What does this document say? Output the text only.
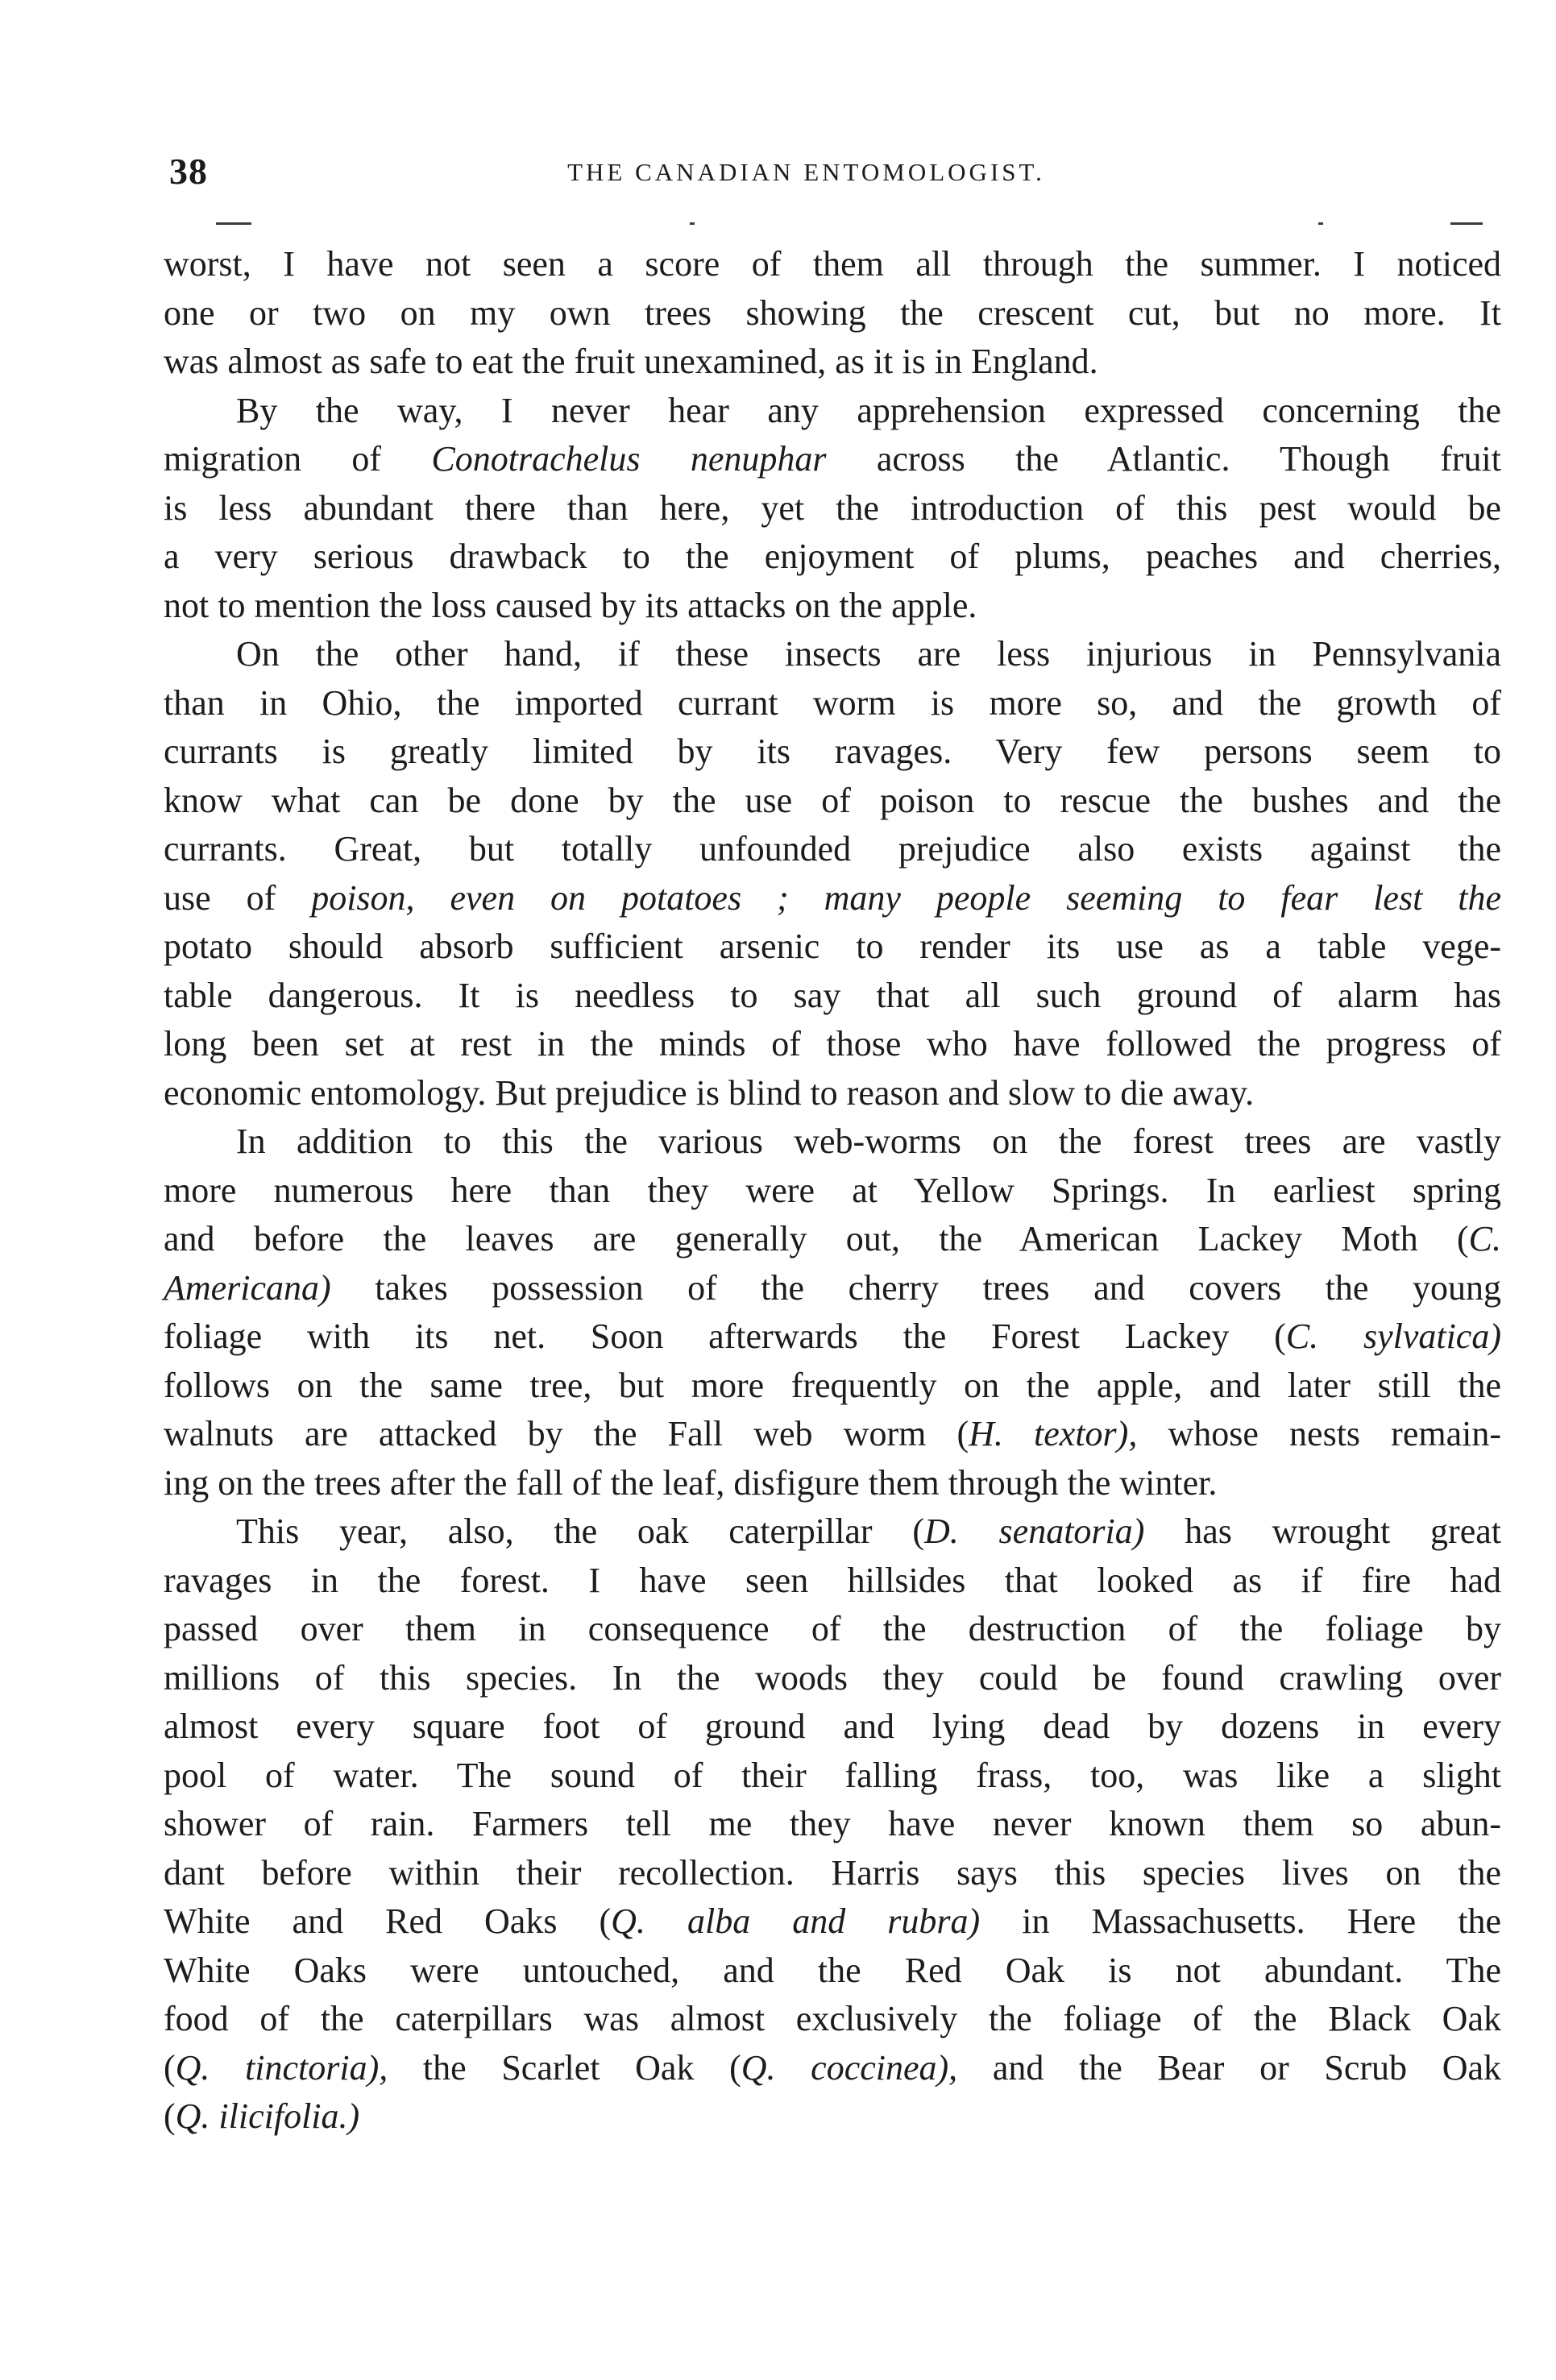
38	THE CANADIAN ENTOMOLOGIST.
worst, I have not seen a score of them all through the summer. I noticed
one or two on my own trees showing the crescent cut, but no more. It
was almost as safe to eat the fruit unexamined, as it is in England.
By the way, I never hear any apprehension expressed concerning the
migration of Conotrachelus nenuphar across the Atlantic. Though fruit
is less abundant there than here, yet the introduction of this pest would be
a very serious drawback to the enjoyment of plums, peaches and cherries,
not to mention the loss caused by its attacks on the apple.
On the other hand, if these insects are less injurious in Pennsylvania
than in Ohio, the imported currant worm is more so, and the growth of
currants is greatly limited by its ravages. Very few persons seem to
know what can be done by the use of poison to rescue the bushes and the
currants. Great, but totally unfounded prejudice also exists against the
use of poison, even on potatoes ; many people seeming to fear lest the
potato should absorb sufficient arsenic to render its use as a table vege-
table dangerous. It is needless to say that all such ground of alarm has
long been set at rest in the minds of those who have followed the progress of
economic entomology. But prejudice is blind to reason and slow to die away.
In addition to this the various web-worms on the forest trees are vastly
more numerous here than they were at Yellow Springs. In earliest spring
and before the leaves are generally out, the American Lackey Moth (C.
Americana) takes possession of the cherry trees and covers the young
foliage with its net. Soon afterwards the Forest Lackey (C. sylvatica)
follows on the same tree, but more frequently on the apple, and later still the
walnuts are attacked by the Fall web worm (H. textor), whose nests remain-
ing on the trees after the fall of the leaf, disfigure them through the winter.
This year, also, the oak caterpillar (D. senatoria) has wrought great
ravages in the forest. I have seen hillsides that looked as if fire had
passed over them in consequence of the destruction of the foliage by
millions of this species. In the woods they could be found crawling over
almost every square foot of ground and lying dead by dozens in every
pool of water. The sound of their falling frass, too, was like a slight
shower of rain. Farmers tell me they have never known them so abun-
dant before within their recollection. Harris says this species lives on the
White and Red Oaks (Q. alba and rubra) in Massachusetts. Here the
White Oaks were untouched, and the Red Oak is not abundant. The
food of the caterpillars was almost exclusively the foliage of the Black Oak
(Q. tinctoria), the Scarlet Oak (Q. coccinea), and the Bear or Scrub Oak
(Q. ilicifolia.)
